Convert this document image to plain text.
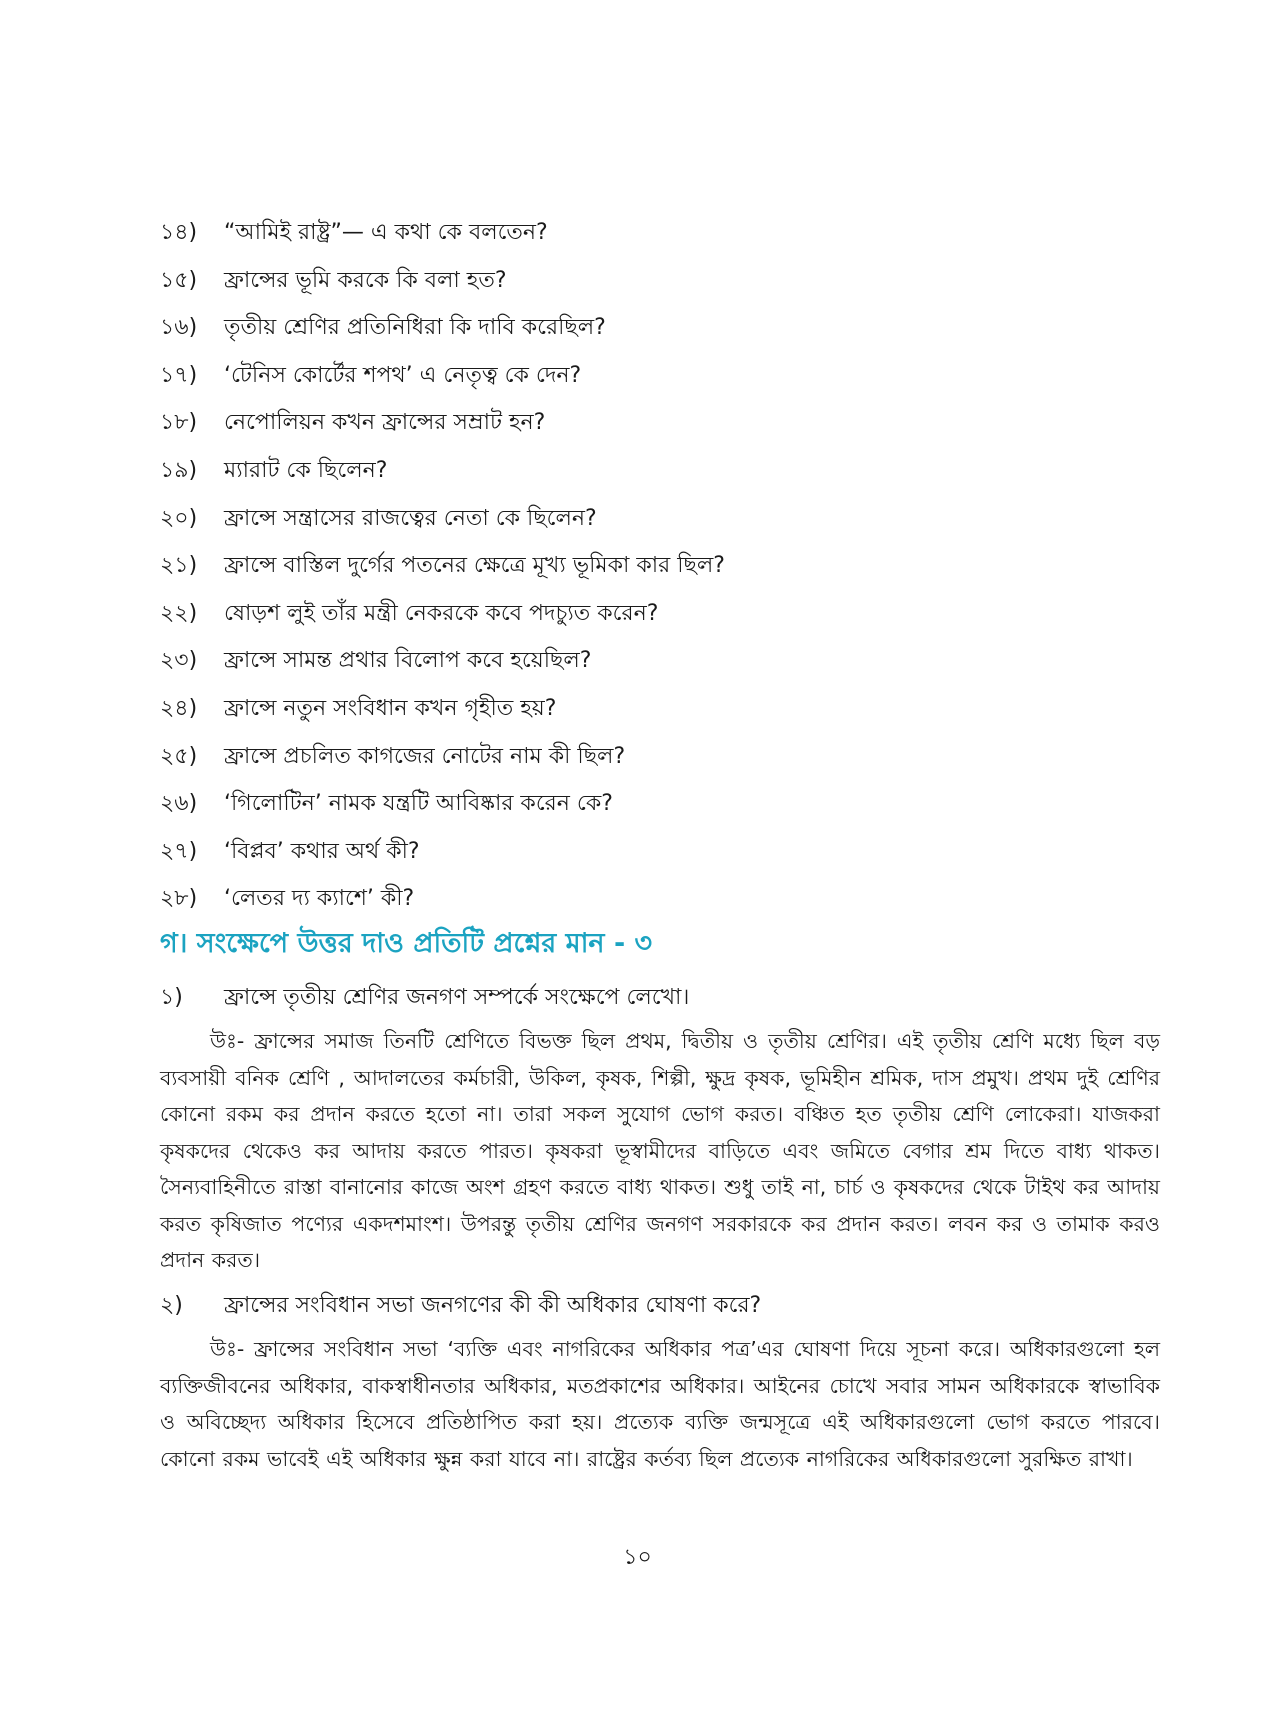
১৪)	“আমিই রাষ্ট্র”— এ কথা কে বলতেন?
১৫)	ফ্রান্সের ভূমি করকে কি বলা হত?
১৬)	তৃতীয় শ্রেণির প্রতিনিধিরা কি দাবি করেছিল?
১৭)	‘টেনিস কোর্টের শপথ’ এ নেতৃত্ব কে দেন?
১৮)	নেপোলিয়ন কখন ফ্রান্সের সম্রাট হন?
১৯)	ম্যারাট কে ছিলেন?
২০)	ফ্রান্সে সন্ত্রাসের রাজত্বের নেতা কে ছিলেন?
২১)	ফ্রান্সে বাস্তিল দুর্গের পতনের ক্ষেত্রে মূখ্য ভূমিকা কার ছিল?
২২)	ষোড়শ লুই তাঁর মন্ত্রী নেকরকে কবে পদচ্যুত করেন?
২৩)	ফ্রান্সে সামন্ত প্রথার বিলোপ কবে হয়েছিল?
২৪)	ফ্রান্সে নতুন সংবিধান কখন গৃহীত হয়?
২৫)	ফ্রান্সে প্রচলিত কাগজের নোটের নাম কী ছিল?
২৬)	‘গিলোটিন’ নামক যন্ত্রটি আবিষ্কার করেন কে?
২৭)	‘বিপ্লব’ কথার অর্থ কী?
২৮)	‘লেতর দ্য ক্যাশে’ কী?
গ। সংক্ষেপে উত্তর দাও প্রতিটি প্রশ্নের মান - ৩
১)	ফ্রান্সে তৃতীয় শ্রেণির জনগণ সম্পর্কে সংক্ষেপে লেখো।

উঃ- ফ্রান্সের সমাজ তিনটি শ্রেণিতে বিভক্ত ছিল প্রথম, দ্বিতীয় ও তৃতীয় শ্রেণির। এই তৃতীয় শ্রেণি মধ্যে ছিল বড় ব্যবসায়ী বনিক শ্রেণি , আদালতের কর্মচারী, উকিল, কৃষক, শিল্পী, ক্ষুদ্র কৃষক, ভূমিহীন শ্রমিক, দাস প্রমুখ। প্রথম দুই শ্রেণির কোনো রকম কর প্রদান করতে হতো না। তারা সকল সুযোগ ভোগ করত। বঞ্চিত হত তৃতীয় শ্রেণি লোকেরা। যাজকরা কৃষকদের থেকেও কর আদায় করতে পারত। কৃষকরা ভূস্বামীদের বাড়িতে এবং জমিতে বেগার শ্রম দিতে বাধ্য থাকত। সৈন্যবাহিনীতে রাস্তা বানানোর কাজে অংশ গ্রহণ করতে বাধ্য থাকত। শুধু তাই না, চার্চ ও কৃষকদের থেকে টাইথ কর আদায় করত কৃষিজাত পণ্যের একদশমাংশ। উপরন্তু তৃতীয় শ্রেণির জনগণ সরকারকে কর প্রদান করত। লবন কর ও তামাক করও প্রদান করত।

২)	ফ্রান্সের সংবিধান সভা জনগণের কী কী অধিকার ঘোষণা করে?

উঃ- ফ্রান্সের সংবিধান সভা ‘ব্যক্তি এবং নাগরিকের অধিকার পত্র’এর ঘোষণা দিয়ে সূচনা করে। অধিকারগুলো হল ব্যক্তিজীবনের অধিকার, বাকস্বাধীনতার অধিকার, মতপ্রকাশের অধিকার। আইনের চোখে সবার সামন অধিকারকে স্বাভাবিক ও অবিচ্ছেদ্য অধিকার হিসেবে প্রতিষ্ঠাপিত করা হয়। প্রত্যেক ব্যক্তি জন্মসূত্রে এই অধিকারগুলো ভোগ করতে পারবে। কোনো রকম ভাবেই এই অধিকার ক্ষুন্ন করা যাবে না। রাষ্ট্রের কর্তব্য ছিল প্রত্যেক নাগরিকের অধিকারগুলো সুরক্ষিত রাখা।

১০
